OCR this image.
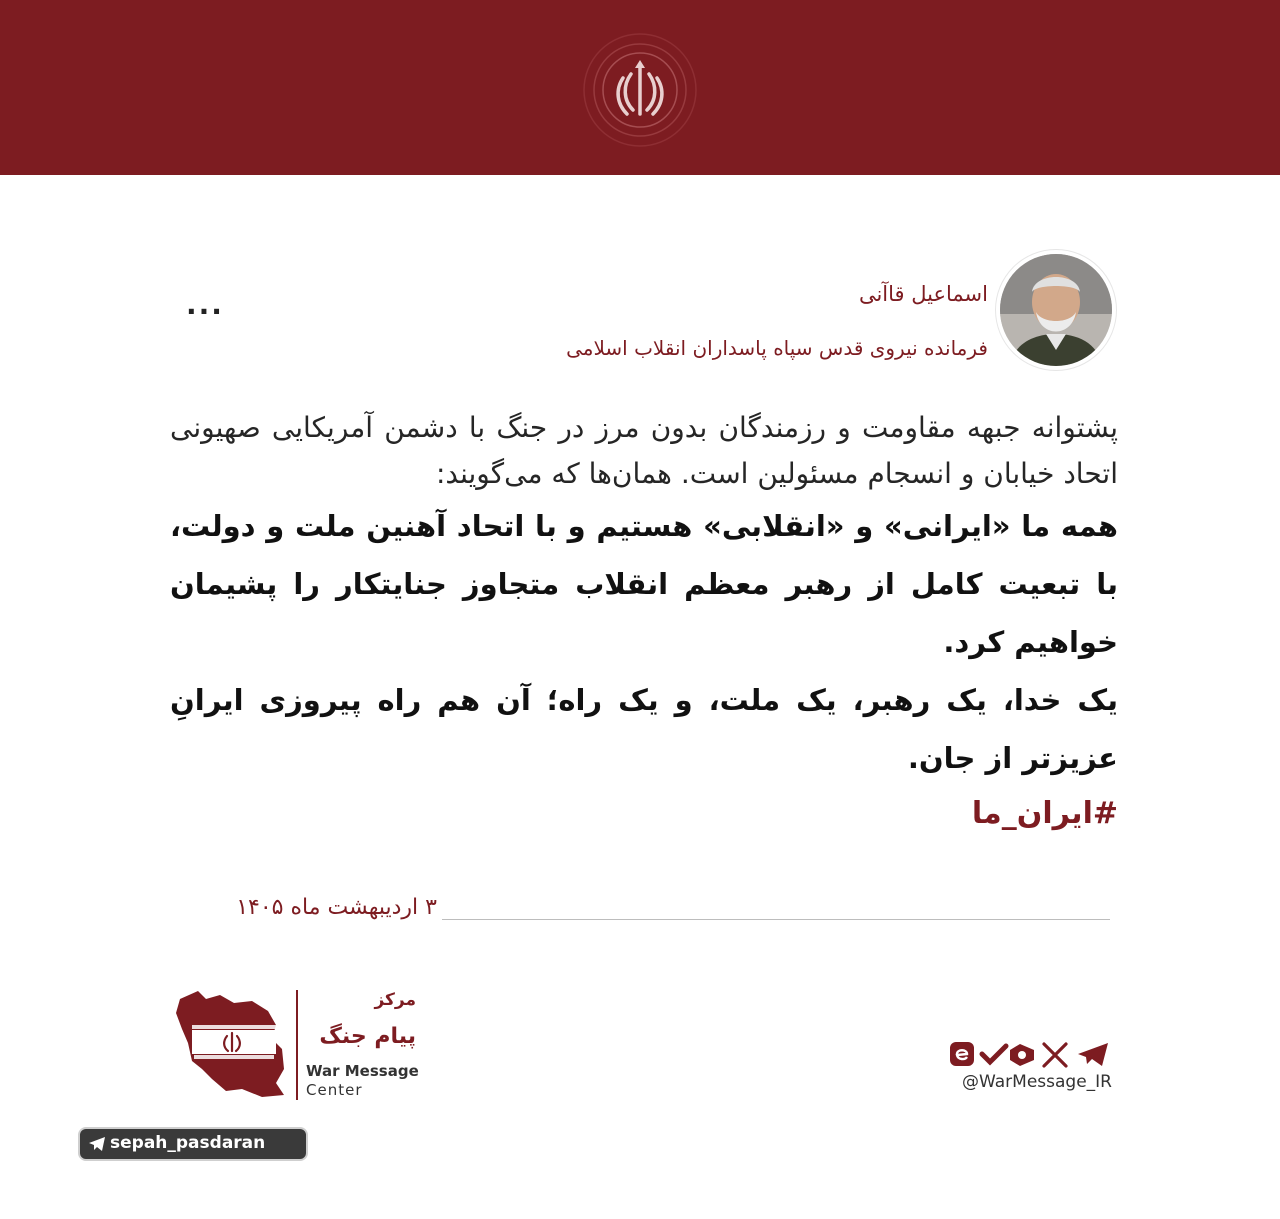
اسماعیل قاآنی
فرمانده نیروی قدس سپاه پاسداران انقلاب اسلامی
...

پشتوانه جبهه مقاومت و رزمندگان بدون مرز در جنگ با دشمن آمریکایی صهیونی اتحاد خیابان و انسجام مسئولین است. همان‌ها که می‌گویند:

همه ما «ایرانی» و «انقلابی» هستیم و با اتحاد آهنین ملت و دولت، با تبعیت کامل از رهبر معظم انقلاب متجاوز جنایتکار را پشیمان خواهیم کرد.

یک خدا، یک رهبر، یک ملت، و یک راه؛ آن هم راه پیروزی ایرانِ عزیزتر از جان.

#ایران_ما

۳ اردیبهشت ماه ۱۴۰۵
مرکز
پیام جنگ
War Message
Center	@WarMessage_IR
sepah_pasdaran
